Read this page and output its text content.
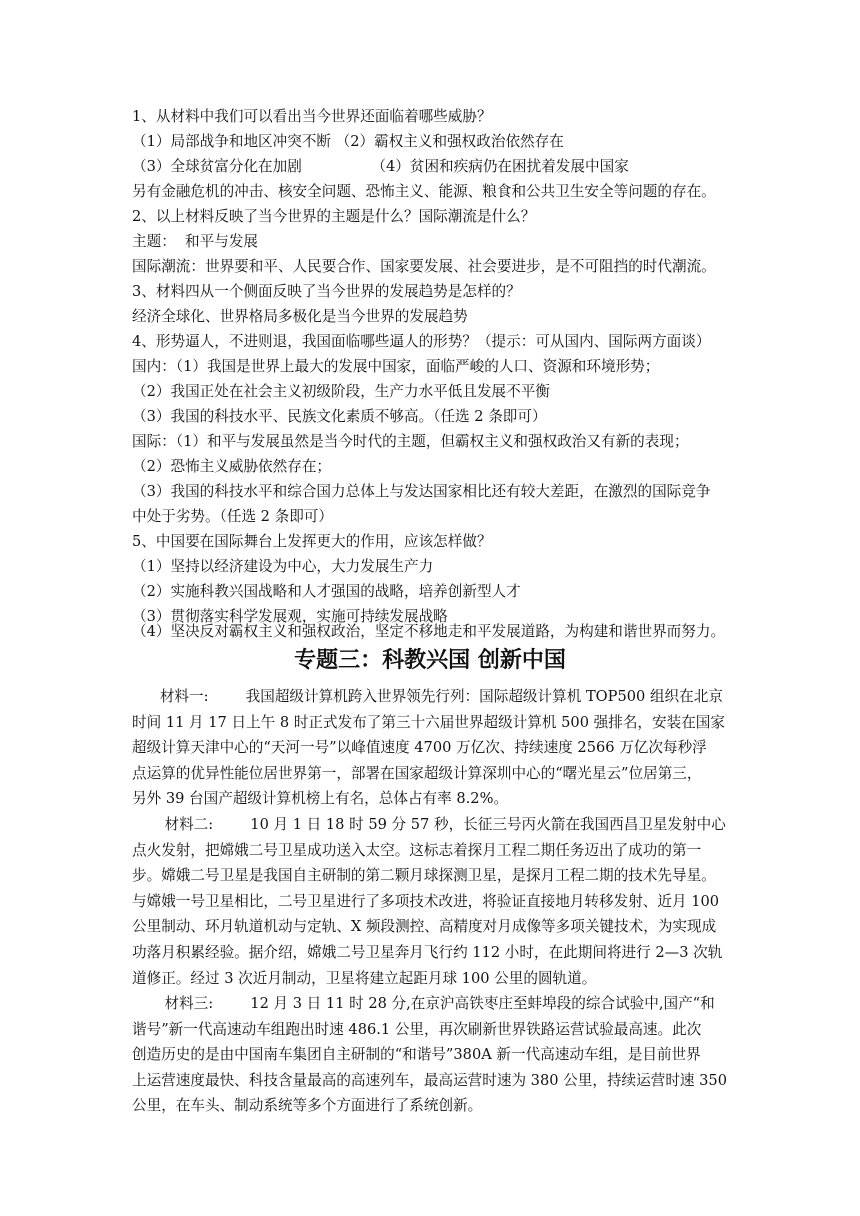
1、从材料中我们可以看出当今世界还面临着哪些威胁？
（1）局部战争和地区冲突不断 （2）霸权主义和强权政治依然存在
（3）全球贫富分化在加剧               （4）贫困和疾病仍在困扰着发展中国家
另有金融危机的冲击、核安全问题、恐怖主义、能源、粮食和公共卫生安全等问题的存在。
2、以上材料反映了当今世界的主题是什么？国际潮流是什么？
主题：  和平与发展
国际潮流：世界要和平、人民要合作、国家要发展、社会要进步，是不可阻挡的时代潮流。
3、材料四从一个侧面反映了当今世界的发展趋势是怎样的？
经济全球化、世界格局多极化是当今世界的发展趋势
4、形势逼人，不进则退，我国面临哪些逼人的形势？（提示：可从国内、国际两方面谈）
国内：（1）我国是世界上最大的发展中国家，面临严峻的人口、资源和环境形势；
（2）我国正处在社会主义初级阶段，生产力水平低且发展不平衡
（3）我国的科技水平、民族文化素质不够高。（任选 2 条即可）
国际：（1）和平与发展虽然是当今时代的主题，但霸权主义和强权政治又有新的表现；
（2）恐怖主义威胁依然存在；
（3）我国的科技水平和综合国力总体上与发达国家相比还有较大差距，在激烈的国际竞争
中处于劣势。（任选 2 条即可）
5、中国要在国际舞台上发挥更大的作用，应该怎样做？
（1）坚持以经济建设为中心，大力发展生产力
（2）实施科教兴国战略和人才强国的战略，培养创新型人才
（3）贯彻落实科学发展观，实施可持续发展战略
（4）坚决反对霸权主义和强权政治，坚定不移地走和平发展道路，为构建和谐世界而努力。
专题三：科教兴国 创新中国
材料一:        我国超级计算机跨入世界领先行列：国际超级计算机 TOP500 组织在北京
时间 11 月 17 日上午 8 时正式发布了第三十六届世界超级计算机 500 强排名，安装在国家
超级计算天津中心的“天河一号”以峰值速度 4700 万亿次、持续速度 2566 万亿次每秒浮
点运算的优异性能位居世界第一，部署在国家超级计算深圳中心的“曙光星云”位居第三，
另外 39 台国产超级计算机榜上有名，总体占有率 8.2%。
材料二:        10 月 1 日 18 时 59 分 57 秒，长征三号丙火箭在我国西昌卫星发射中心
点火发射，把嫦娥二号卫星成功送入太空。这标志着探月工程二期任务迈出了成功的第一
步。嫦娥二号卫星是我国自主研制的第二颗月球探测卫星，是探月工程二期的技术先导星。
与嫦娥一号卫星相比，二号卫星进行了多项技术改进，将验证直接地月转移发射、近月 100
公里制动、环月轨道机动与定轨、X 频段测控、高精度对月成像等多项关键技术，为实现成
功落月积累经验。据介绍，嫦娥二号卫星奔月飞行约 112 小时，在此期间将进行 2—3 次轨
道修正。经过 3 次近月制动，卫星将建立起距月球 100 公里的圆轨道。
材料三:        12 月 3 日 11 时 28 分,在京沪高铁枣庄至蚌埠段的综合试验中,国产“和
谐号”新一代高速动车组跑出时速 486.1 公里，再次刷新世界铁路运营试验最高速。此次
创造历史的是由中国南车集团自主研制的“和谐号”380A 新一代高速动车组，是目前世界
上运营速度最快、科技含量最高的高速列车，最高运营时速为 380 公里，持续运营时速 350
公里，在车头、制动系统等多个方面进行了系统创新。
